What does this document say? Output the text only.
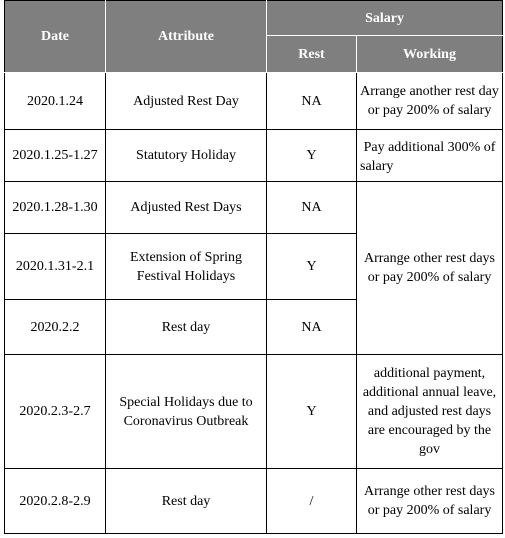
Date	Attribute	Salary	
		Rest	Working
2020.1.24	Adjusted Rest Day	NA	Arrange another rest day or pay 200% of salary
2020.1.25-1.27	Statutory Holiday	Y	Pay additional 300% of salary
2020.1.28-1.30	Adjusted Rest Days	NA	Arrange other rest days or pay 200% of salary
2020.1.31-2.1	Extension of Spring Festival Holidays	Y	
2020.2.2	Rest day	NA	
2020.2.3-2.7	Special Holidays due to Coronavirus Outbreak	Y	additional payment, additional annual leave, and adjusted rest days are encouraged by the gov
2020.2.8-2.9	Rest day	/	Arrange other rest days or pay 200% of salary
